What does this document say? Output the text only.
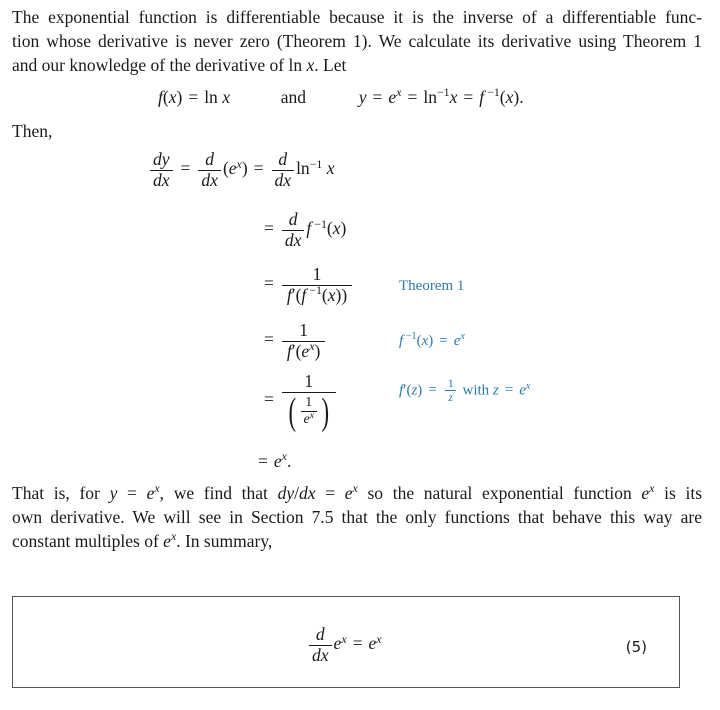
The exponential function is differentiable because it is the inverse of a differentiable func-
tion whose derivative is never zero (Theorem 1). We calculate its derivative using Theorem 1
and our knowledge of the derivative of ln x. Let
f(x) = ln x	and	$y = e^x = \ln^{-1}x = f$ $^{-1}$(x).
Then,
$\frac{dy}{dx} = \frac{d}{dx} (e^x) = \frac{d}{dx} \ln^{-1} x$
= $\frac{d}{dx}$ f $^{-1}$(x)
= $\frac{1}{f'(f ^{-1}(x))}$	Theorem 1
= $\frac{1}{f'(e^x)}$	f $^{-1}(x) = e^x$
= $\frac{1}{( \frac{1}{e^x} )}$	$f'(z) = \frac{1}{z}$ with $z = e^x$
= $e^x$.
That is, for $y = e^x$, we find that $dy/dx = e^x$ so the natural exponential function $e^x$ is its
own derivative. We will see in Section 7.5 that the only functions that behave this way are
constant multiples of $e^x$. In summary,
$\frac{d}{dx} e^x = e^x$	(5)
